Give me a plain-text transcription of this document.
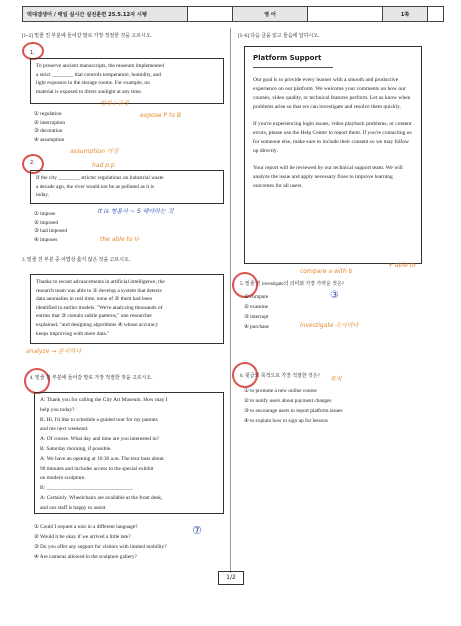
떡대겜생어 / 매일 실시간 실전훈련 25.5.12자 시행	영 어	1쪽
[1~2] 밑줄 친 부분에 들어갈 말로 가장 적절한 것을 고르시오.
1.
To preserve ancient manuscripts, the museum implemented
a strict ________ that controls temperature, humidity, and
light exposure in the storage rooms. For example, no
material is exposed to direct sunlight at any time.
① regulation
② interruption
③ decoration
④ assumption
방침 / 규정
expose P to B
assumption 가정
2.
If the city ________ stricter regulations on industrial waste
a decade ago, the river would not be as polluted as it is
today.
had p.p
① impose
② imposed
③ had imposed
④ imposes
It is 형용사 ~ S 해야하는 것
the able to V-
3. 밑줄 친 부분 중 어법상 옳지 않은 것을 고르시오.
Thanks to recent advancements in artificial intelligence, the
research team was able to ① develop a system that detects
data anomalies in real time, none of ② them had been
identified in earlier models. "We're analyzing thousands of
entries that ③ contain subtle patterns," one researcher
explained, "and designing algorithms ④ whose accuracy
keeps improving with more data."
analyze → 분석하다
4. 밑줄 친 부분에 들어갈 말로 가장 적절한 것을 고르시오.
A: Thank you for calling the City Art Museum. How may I
help you today?
B: Hi, I'd like to schedule a guided tour for my parents
and me next weekend.
A: Of course. What day and time are you interested in?
B: Saturday morning, if possible.
A: We have an opening at 10:30 a.m. The tour lasts about
90 minutes and includes access to the special exhibit
on modern sculpture.
B: ________________________________
A: Certainly. Wheelchairs are available at the front desk,
and our staff is happy to assist.
① Could I request a tour in a different language?
② Would it be okay if we arrived a little late?
③ Do you offer any support for visitors with limited mobility?
④ Are cameras allowed in the sculpture gallery?
⑦
[5~6] 다음 글을 읽고 물음에 답하시오.
Platform Support

Our goal is to provide every learner with a smooth and productive experience on our platform. We welcome your comments on how our courses, video quality, or technical features perform. Let us know when problems arise so that we can investigate and resolve them quickly.

If you're experiencing login issues, video playback problems, or content errors, please use the Help Center to report them. If you're contacting us for someone else, make sure to include their consent so we may follow up directly.

Your report will be reviewed by our technical support team. We will analyze the issue and apply necessary fixes to improve learning outcomes for all users.

+ able to
5. 밑줄 친 investigate의 의미와 가장 가까운 것은?
① compare
② examine
③ interrupt
④ purchase
compare a with b
③
investigate 조사하다
6. 윗글의 목적으로 가장 적절한 것은?
① to promote a new online course
② to notify users about payment changes
③ to encourage users to report platform issues
④ to explain how to sign up for lessons
목적
1/2
